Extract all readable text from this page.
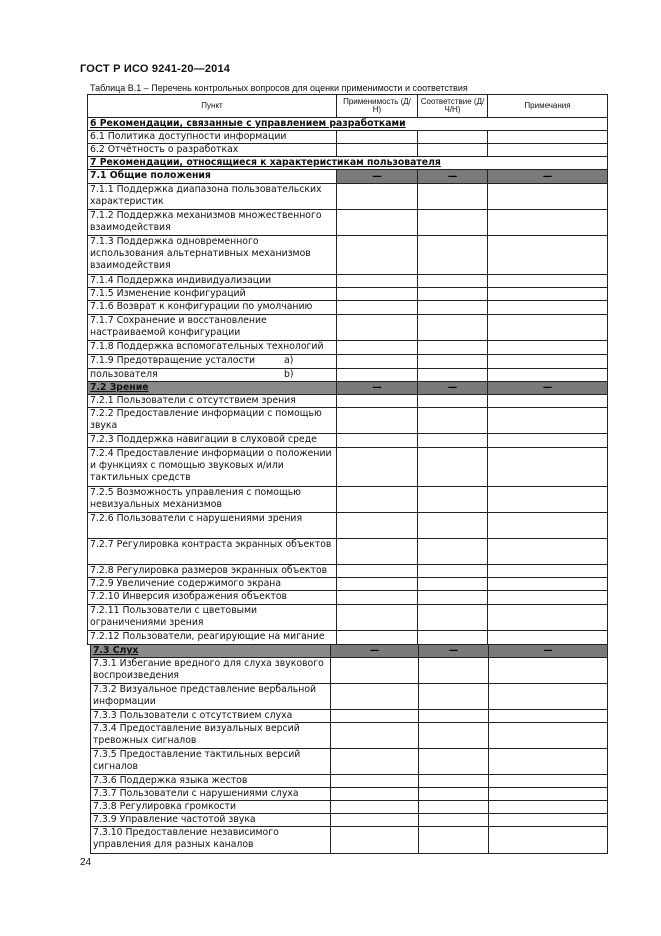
ГОСТ Р ИСО 9241-20—2014
Таблица В.1 – Перечень контрольных вопросов для оценки применимости и соответствия
Пункт	Применимость (Д/Н)	Соответствие (Д/Ч/Н)	Примечания
6 Рекомендации, связанные с управлением разработками			
6.1 Политика доступности информации			
6.2 Отчётность о разработках			
7 Рекомендации, относящиеся к характеристикам пользователя			
7.1 Общие положения	—	—	—
7.1.1 Поддержка диапазона пользовательских характеристик			
7.1.2 Поддержка механизмов множественного взаимодействия			
7.1.3 Поддержка одновременного использования альтернативных механизмов взаимодействия			
7.1.4 Поддержка индивидуализации			
7.1.5 Изменение конфигураций			
7.1.6 Возврат к конфигурации по умолчанию			
7.1.7 Сохранение и восстановление настраиваемой конфигурации			
7.1.8 Поддержка вспомогательных технологий			
7.1.9 Предотвращение усталости а)			

пользователя b)			

7.2 Зрение	—	—	—
7.2.1 Пользователи с отсутствием зрения			
7.2.2 Предоставление информации с помощью звука			
7.2.3 Поддержка навигации в слуховой среде			
7.2.4 Предоставление информации о положении и функциях с помощью звуковых и/или тактильных средств			
7.2.5 Возможность управления с помощью невизуальных механизмов			
7.2.6 Пользователи с нарушениями зрения			
7.2.7 Регулировка контраста экранных объектов			
7.2.8 Регулировка размеров экранных объектов			
7.2.9 Увеличение содержимого экрана			
7.2.10 Инверсия изображения объектов			
7.2.11 Пользователи с цветовыми ограничениями зрения			
7.2.12 Пользователи, реагирующие на мигание			
7.3 Слух	—	—	—
7.3.1 Избегание вредного для слуха звукового воспроизведения			
7.3.2 Визуальное представление вербальной информации			
7.3.3 Пользователи с отсутствием слуха			
7.3.4 Предоставление визуальных версий тревожных сигналов			
7.3.5 Предоставление тактильных версий сигналов			
7.3.6 Поддержка языка жестов			
7.3.7 Пользователи с нарушениями слуха			
7.3.8 Регулировка громкости			
7.3.9 Управление частотой звука			
7.3.10 Предоставление независимого управления для разных каналов			
24
